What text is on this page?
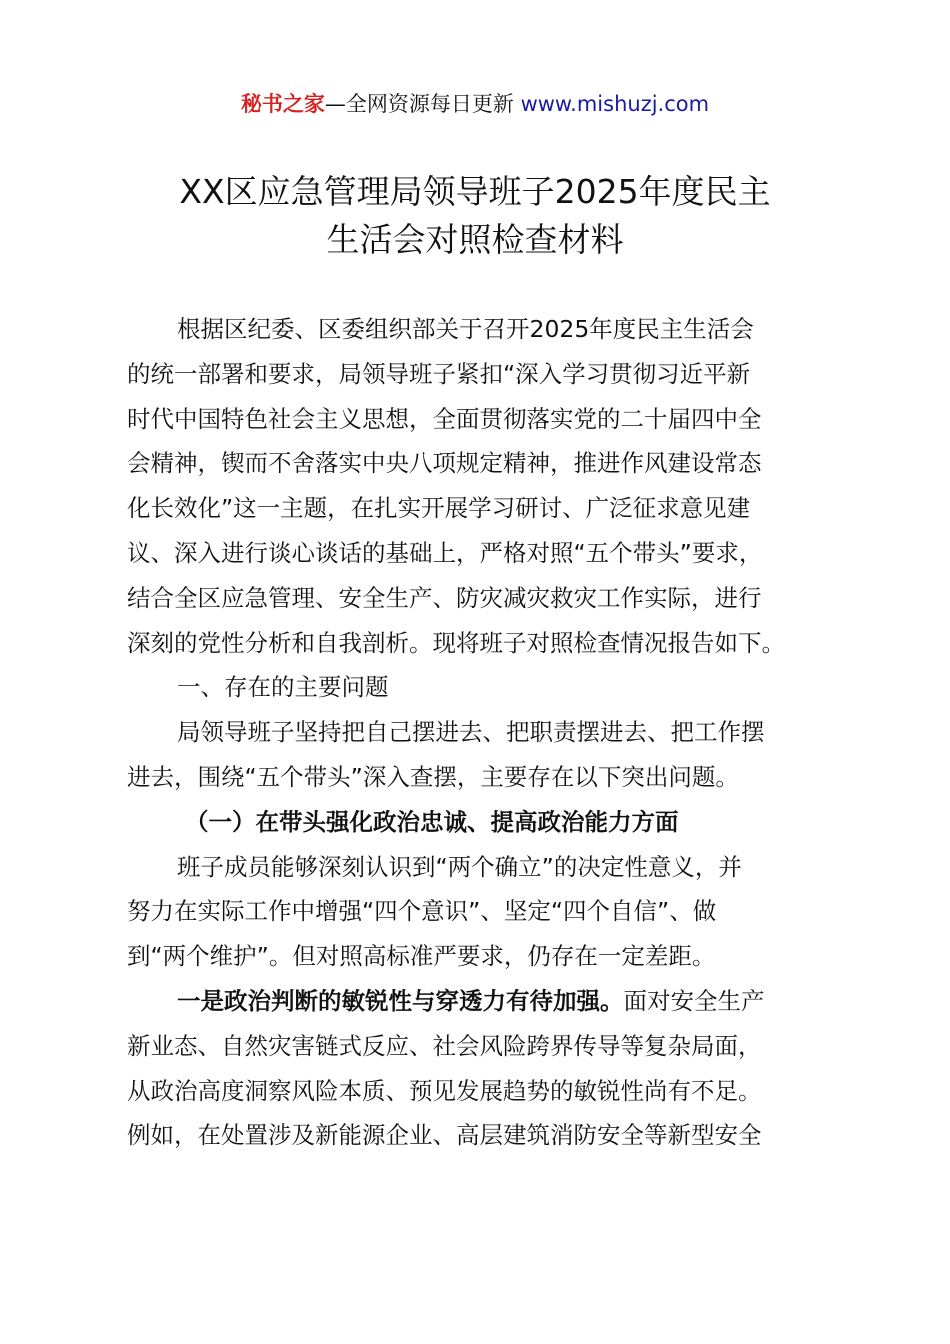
秘书之家—全网资源每日更新 www.mishuzj.com
XX区应急管理局领导班子2025年度民主
生活会对照检查材料
根据区纪委、区委组织部关于召开2025年度民主生活会
的统一部署和要求，局领导班子紧扣“深入学习贯彻习近平新
时代中国特色社会主义思想，全面贯彻落实党的二十届四中全
会精神，锲而不舍落实中央八项规定精神，推进作风建设常态
化长效化”这一主题，在扎实开展学习研讨、广泛征求意见建
议、深入进行谈心谈话的基础上，严格对照“五个带头”要求，
结合全区应急管理、安全生产、防灾减灾救灾工作实际，进行
深刻的党性分析和自我剖析。现将班子对照检查情况报告如下。
一、存在的主要问题
局领导班子坚持把自己摆进去、把职责摆进去、把工作摆
进去，围绕“五个带头”深入查摆，主要存在以下突出问题。
（一）在带头强化政治忠诚、提高政治能力方面
班子成员能够深刻认识到“两个确立”的决定性意义，并
努力在实际工作中增强“四个意识”、坚定“四个自信”、做
到“两个维护”。但对照高标准严要求，仍存在一定差距。
一是政治判断的敏锐性与穿透力有待加强。面对安全生产
新业态、自然灾害链式反应、社会风险跨界传导等复杂局面，
从政治高度洞察风险本质、预见发展趋势的敏锐性尚有不足。
例如，在处置涉及新能源企业、高层建筑消防安全等新型安全
